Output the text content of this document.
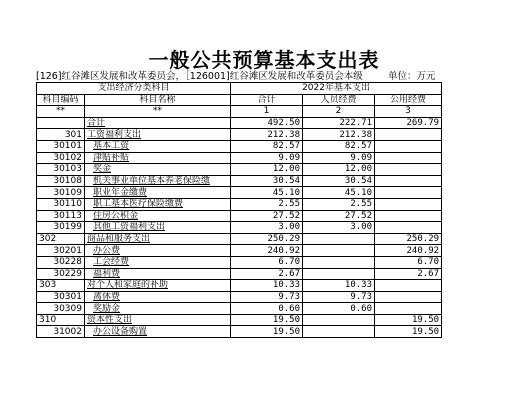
一般公共预算基本支出表
[126]红谷滩区发展和改革委员会，［126001]红谷滩区发展和改革委员会本级	单位：万元
支出经济分类科目		2022年基本支出		
科目编码	科目名称	合计	人员经费	公用经费
**	**	1	2	3
	合计	492.50	222.71	269.79
301	工资福利支出	212.38	212.38	
30101	基本工资	82.57	82.57	
30102	津贴补贴	9.09	9.09	
30103	奖金	12.00	12.00	
30108	机关事业单位基本养老保险缴	30.54	30.54	
30109	职业年金缴费	45.10	45.10	
30110	职工基本医疗保险缴费	2.55	2.55	
30113	住房公积金	27.52	27.52	
30199	其他工资福利支出	3.00	3.00	
302	商品和服务支出	250.29		250.29
30201	办公费	240.92		240.92
30228	工会经费	6.70		6.70
30229	福利费	2.67		2.67
303	对个人和家庭的补助	10.33	10.33	
30301	离休费	9.73	9.73	
30309	奖励金	0.60	0.60	
310	资本性支出	19.50		19.50
31002	办公设备购置	19.50		19.50
